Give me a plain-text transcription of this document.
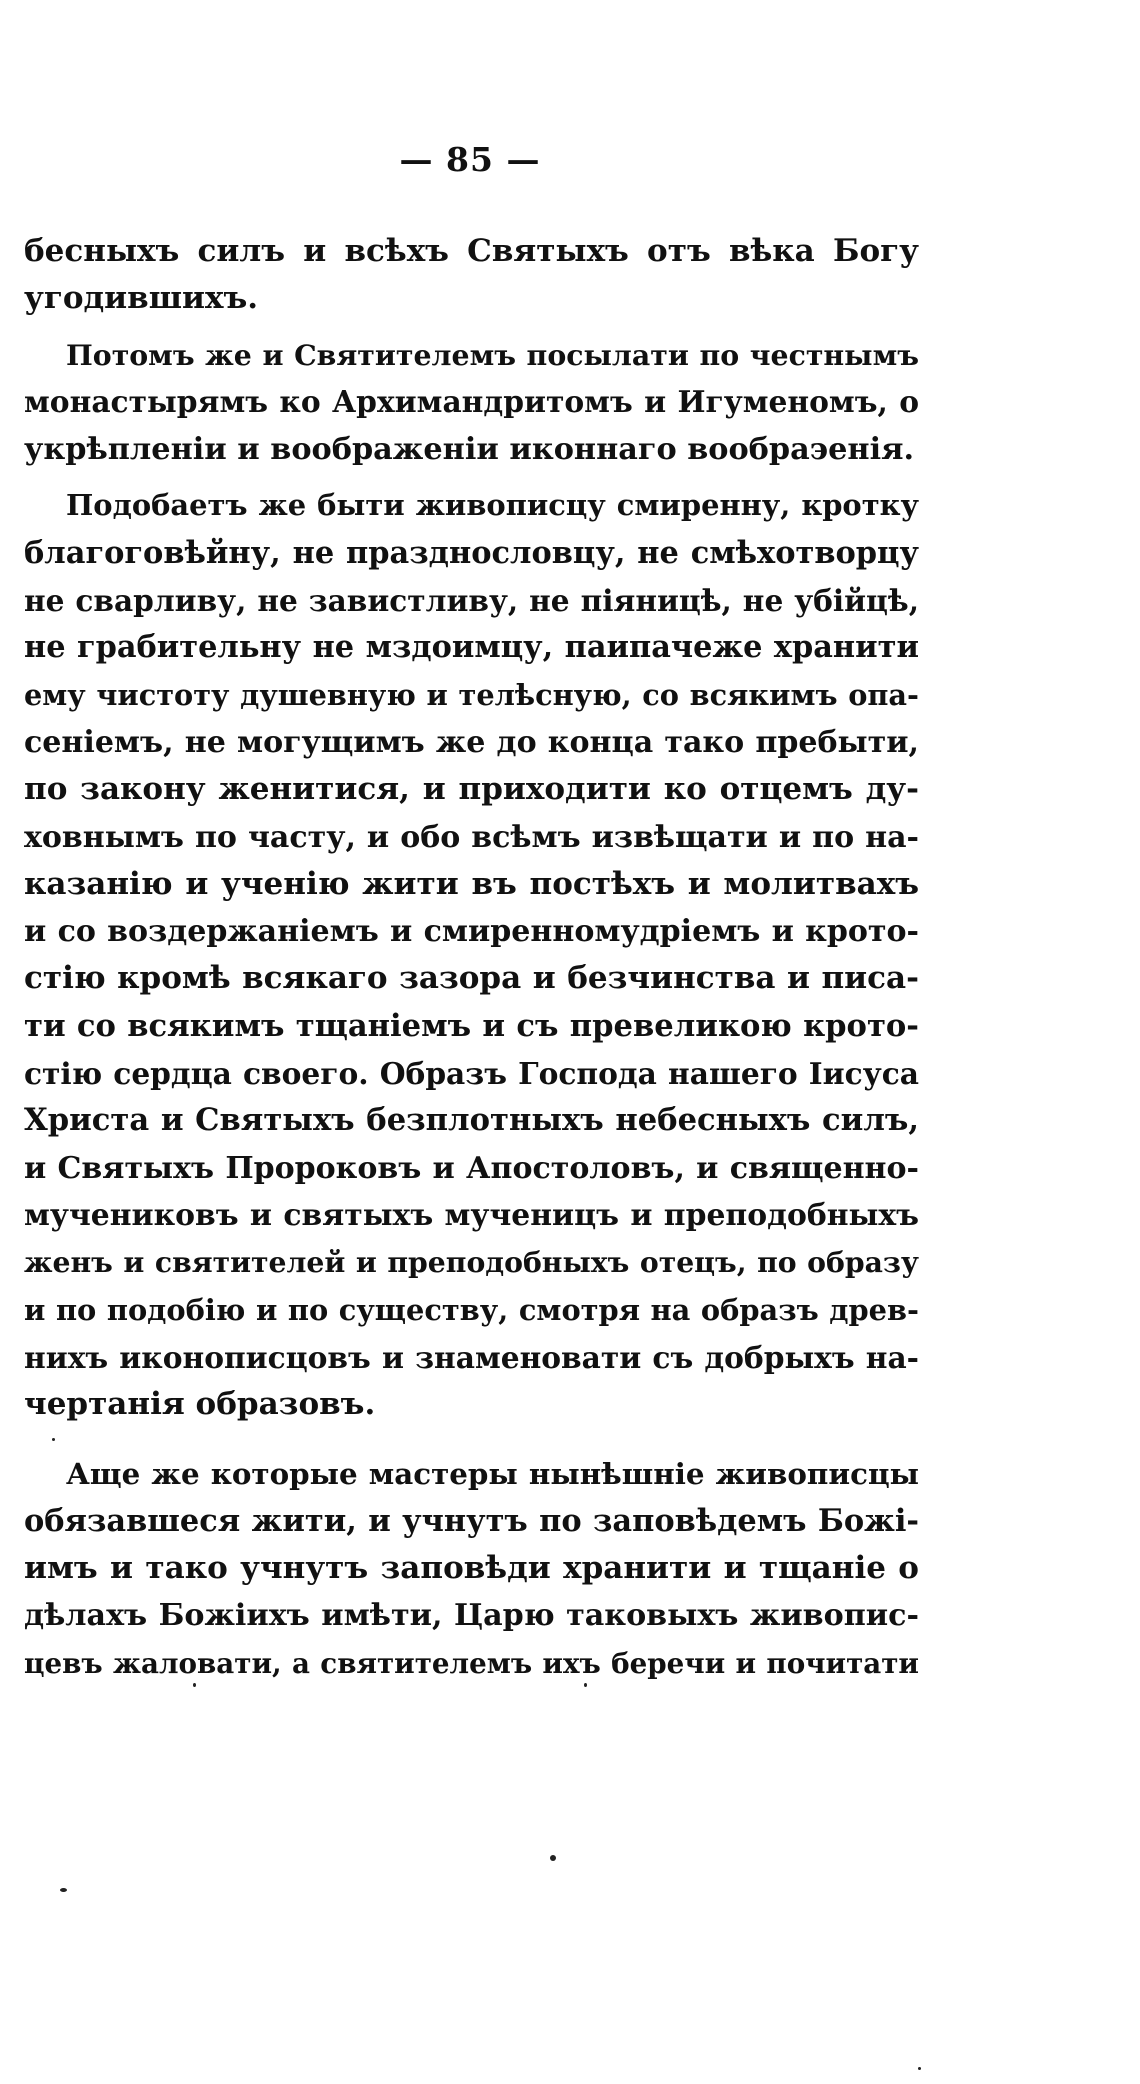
— 85 —

бесныхъ силъ и всѣхъ Святыхъ отъ вѣка Богу
угодившихъ.

Потомъ же и Святителемъ посылати по честнымъ
монастырямъ ко Архимандритомъ и Игуменомъ, о
укрѣпленіи и воображеніи иконнаго вообраэенія.

Подобаетъ же быти живописцу смиренну, кротку
благоговѣйну, не празднословцу, не смѣхотворцу
не сварливу, не завистливу, не піяницѣ, не убійцѣ,
не грабительну не мздоимцу, паипачеже хранити
ему чистоту душевную и телѣсную, со всякимъ опа-
сеніемъ, не могущимъ же до конца тако пребыти,
по закону женитися, и приходити ко отцемъ ду-
ховнымъ по часту, и обо всѣмъ извѣщати и по на-
казанію и ученію жити въ постѣхъ и молитвахъ
и со воздержаніемъ и смиренномудріемъ и крото-
стію кромѣ всякаго зазора и безчинства и писа-
ти со всякимъ тщаніемъ и съ превеликою крото-
стію сердца своего. Образъ Господа нашего Іисуса
Христа и Святыхъ безплотныхъ небесныхъ силъ,
и Святыхъ Пророковъ и Апостоловъ, и священно-
мучениковъ и святыхъ мученицъ и преподобныхъ
женъ и святителей и преподобныхъ отецъ, по образу
и по подобію и по существу, смотря на образъ древ-
нихъ иконописцовъ и знаменовати съ добрыхъ на-
чертанія образовъ.

Аще же которые мастеры нынѣшніе живописцы
обязавшеся жити, и учнутъ по заповѣдемъ Божі-
имъ и тако учнутъ заповѣди хранити и тщаніе о
дѣлахъ Божіихъ имѣти, Царю таковыхъ живопис-
цевъ жаловати, а святителемъ ихъ беречи и почитати
